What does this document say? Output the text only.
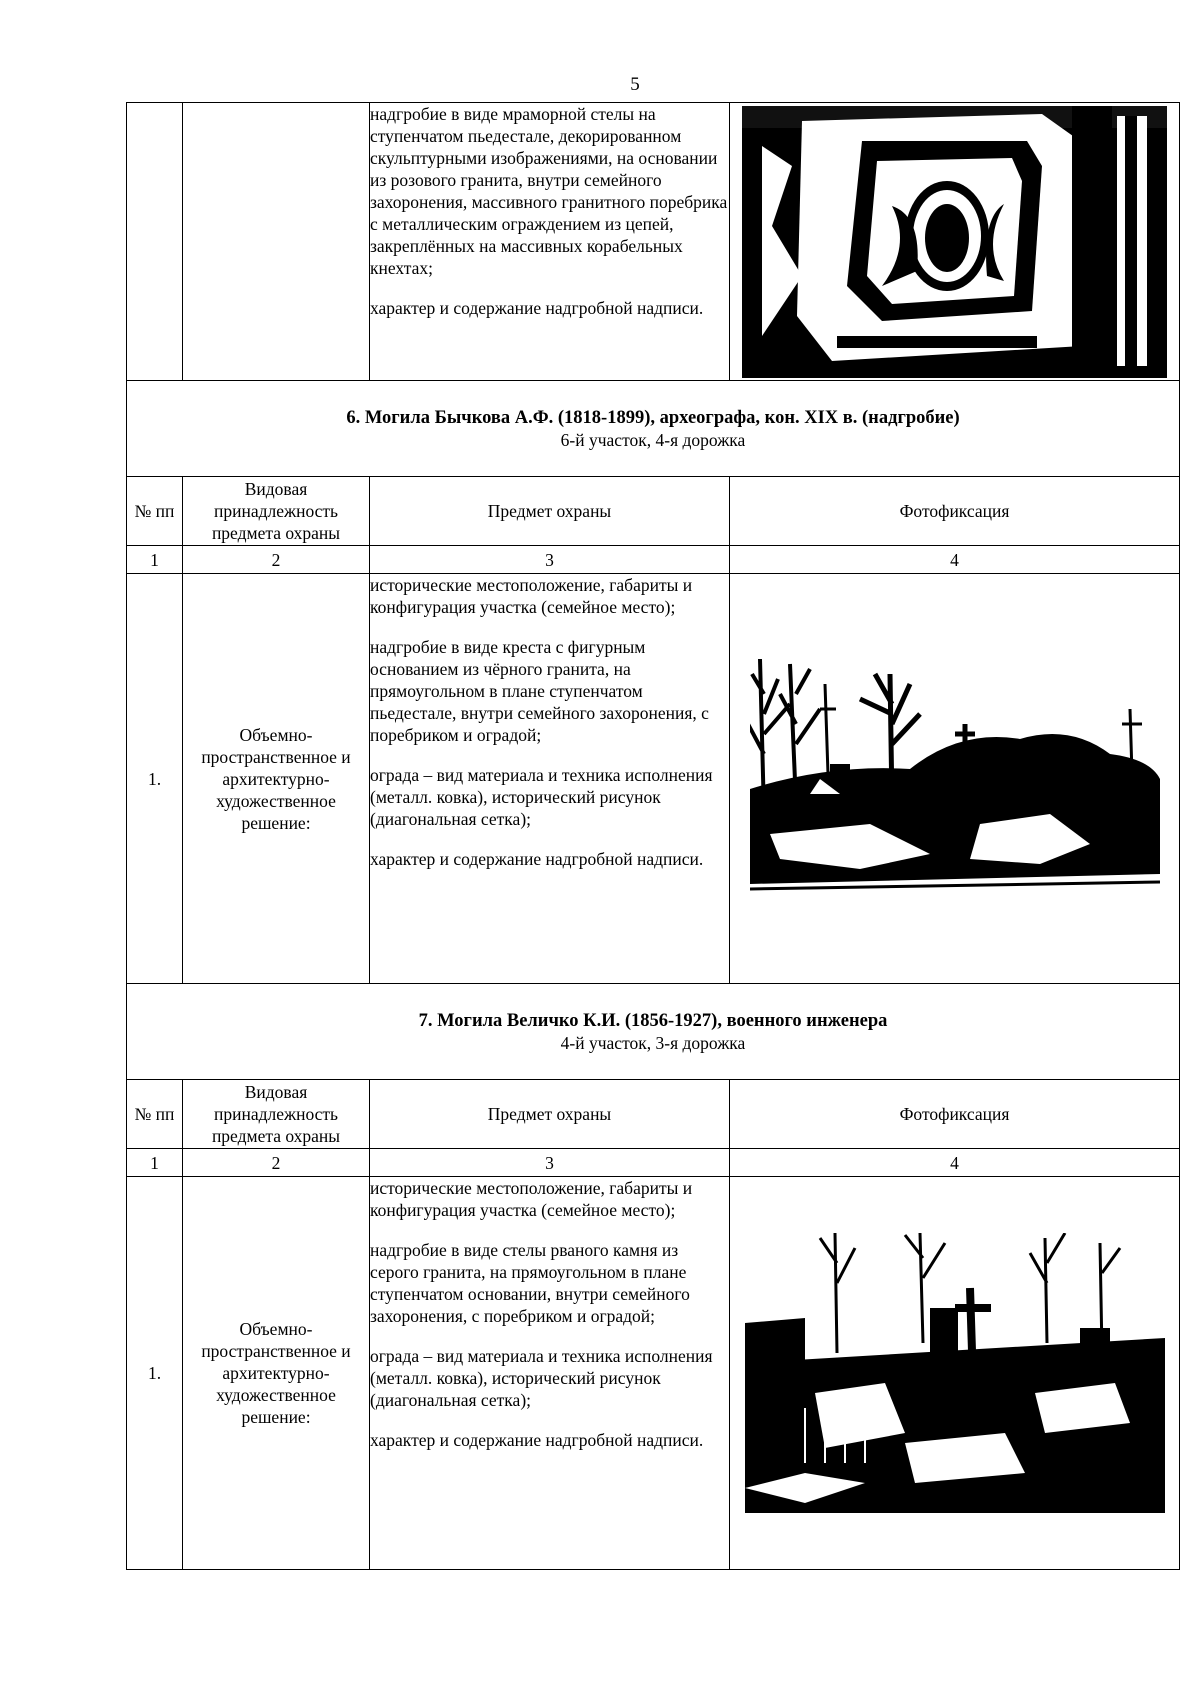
5

		надгробие в виде мраморной стелы на ступенчатом пьедестале, декорированном скульптурными изображениями, на основании из розового гранита, внутри семейного захоронения, массивного гранитного поребрика с металлическим ограждением из цепей, закреплённых на массивных корабельных кнехтах;

характер и содержание надгробной надписи.

6. Могила Бычкова А.Ф. (1818-1899), археографа, кон. XIX в. (надгробие)
6-й участок, 4-я дорожка			

№ пп	Видовая принадлежность предмета охраны	Предмет охраны	Фотофиксация
1	2	3	4
1.	Объемно-пространственное и архитектурно-художественное решение:	исторические местоположение, габариты и конфигурация участка (семейное место);

надгробие в виде креста с фигурным основанием из чёрного гранита, на прямоугольном в плане ступенчатом пьедестале, внутри семейного захоронения, с поребриком и оградой;

ограда – вид материала и техника исполнения (металл. ковка), исторический рисунок (диагональная сетка);

характер и содержание надгробной надписи.

7. Могила Величко К.И. (1856-1927), военного инженера
4-й участок, 3-я дорожка			

№ пп	Видовая принадлежность предмета охраны	Предмет охраны	Фотофиксация
1	2	3	4
1.	Объемно-пространственное и архитектурно-художественное решение:	исторические местоположение, габариты и конфигурация участка (семейное место);

надгробие в виде стелы рваного камня из серого гранита, на прямоугольном в плане ступенчатом основании, внутри семейного захоронения, с поребриком и оградой;

ограда – вид материала и техника исполнения (металл. ковка), исторический рисунок (диагональная сетка);

характер и содержание надгробной надписи.
